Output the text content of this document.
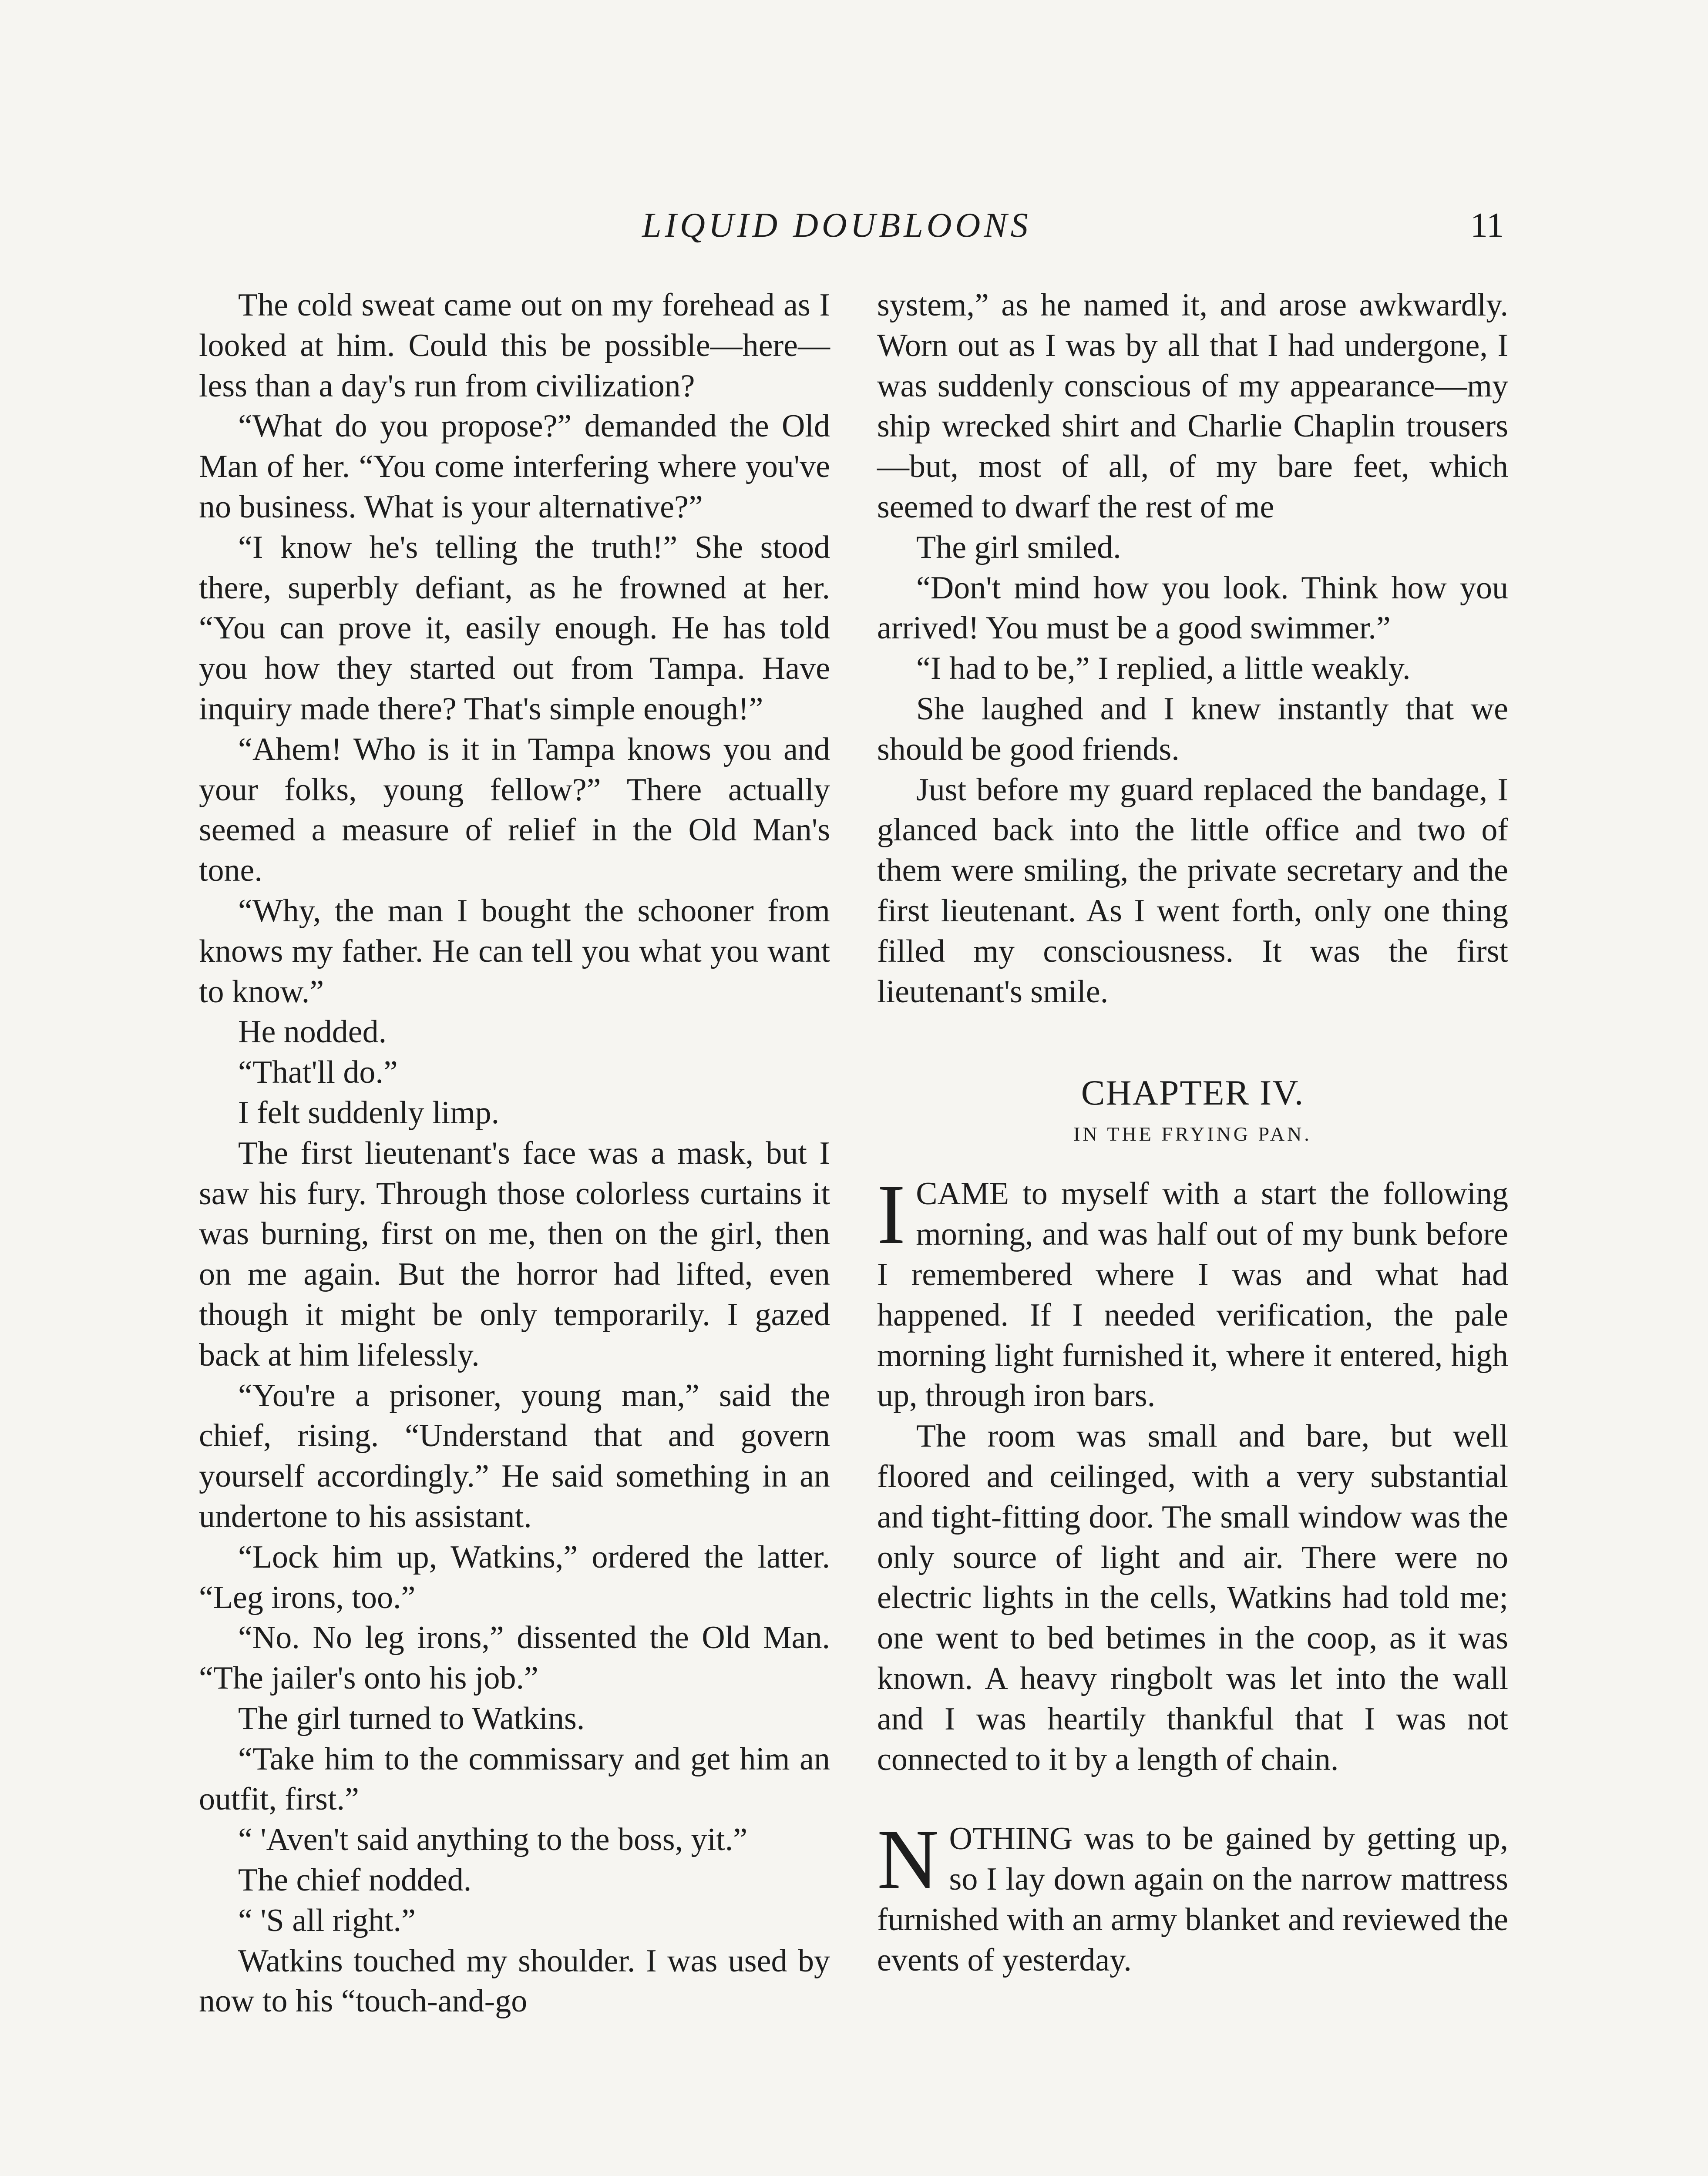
LIQUID DOUBLOONS	11

The cold sweat came out on my forehead as I looked at him. Could this be possible—here—less than a day's run from civilization?

“What do you propose?” demanded the Old Man of her. “You come interfering where you've no business. What is your alternative?”

“I know he's telling the truth!” She stood there, superbly defiant, as he frowned at her. “You can prove it, easily enough. He has told you how they started out from Tampa. Have inquiry made there? That's simple enough!”

“Ahem! Who is it in Tampa knows you and your folks, young fellow?” There actually seemed a measure of relief in the Old Man's tone.

“Why, the man I bought the schooner from knows my father. He can tell you what you want to know.”

He nodded.

“That'll do.”

I felt suddenly limp.

The first lieutenant's face was a mask, but I saw his fury. Through those colorless curtains it was burning, first on me, then on the girl, then on me again. But the horror had lifted, even though it might be only temporarily. I gazed back at him lifelessly.

“You're a prisoner, young man,” said the chief, rising. “Understand that and govern yourself accordingly.” He said something in an undertone to his assistant.

“Lock him up, Watkins,” ordered the latter. “Leg irons, too.”

“No. No leg irons,” dissented the Old Man. “The jailer's onto his job.”

The girl turned to Watkins.

“Take him to the commissary and get him an outfit, first.”

“ 'Aven't said anything to the boss, yit.”

The chief nodded.

“ 'S all right.”

Watkins touched my shoulder. I was used by now to his “touch-and-go

system,” as he named it, and arose awkwardly. Worn out as I was by all that I had undergone, I was suddenly conscious of my appearance—my ship wrecked shirt and Charlie Chaplin trousers—but, most of all, of my bare feet, which seemed to dwarf the rest of me

The girl smiled.

“Don't mind how you look. Think how you arrived! You must be a good swimmer.”

“I had to be,” I replied, a little weakly.

She laughed and I knew instantly that we should be good friends.

Just before my guard replaced the bandage, I glanced back into the little office and two of them were smiling, the private secretary and the first lieutenant. As I went forth, only one thing filled my consciousness. It was the first lieutenant's smile.

CHAPTER IV.
IN THE FRYING PAN.

I CAME to myself with a start the following morning, and was half out of my bunk before I remembered where I was and what had happened. If I needed verification, the pale morning light furnished it, where it entered, high up, through iron bars.

The room was small and bare, but well floored and ceilinged, with a very substantial and tight-fitting door. The small window was the only source of light and air. There were no electric lights in the cells, Watkins had told me; one went to bed betimes in the coop, as it was known. A heavy ringbolt was let into the wall and I was heartily thankful that I was not connected to it by a length of chain.

NOTHING was to be gained by getting up, so I lay down again on the narrow mattress furnished with an army blanket and reviewed the events of yesterday.
